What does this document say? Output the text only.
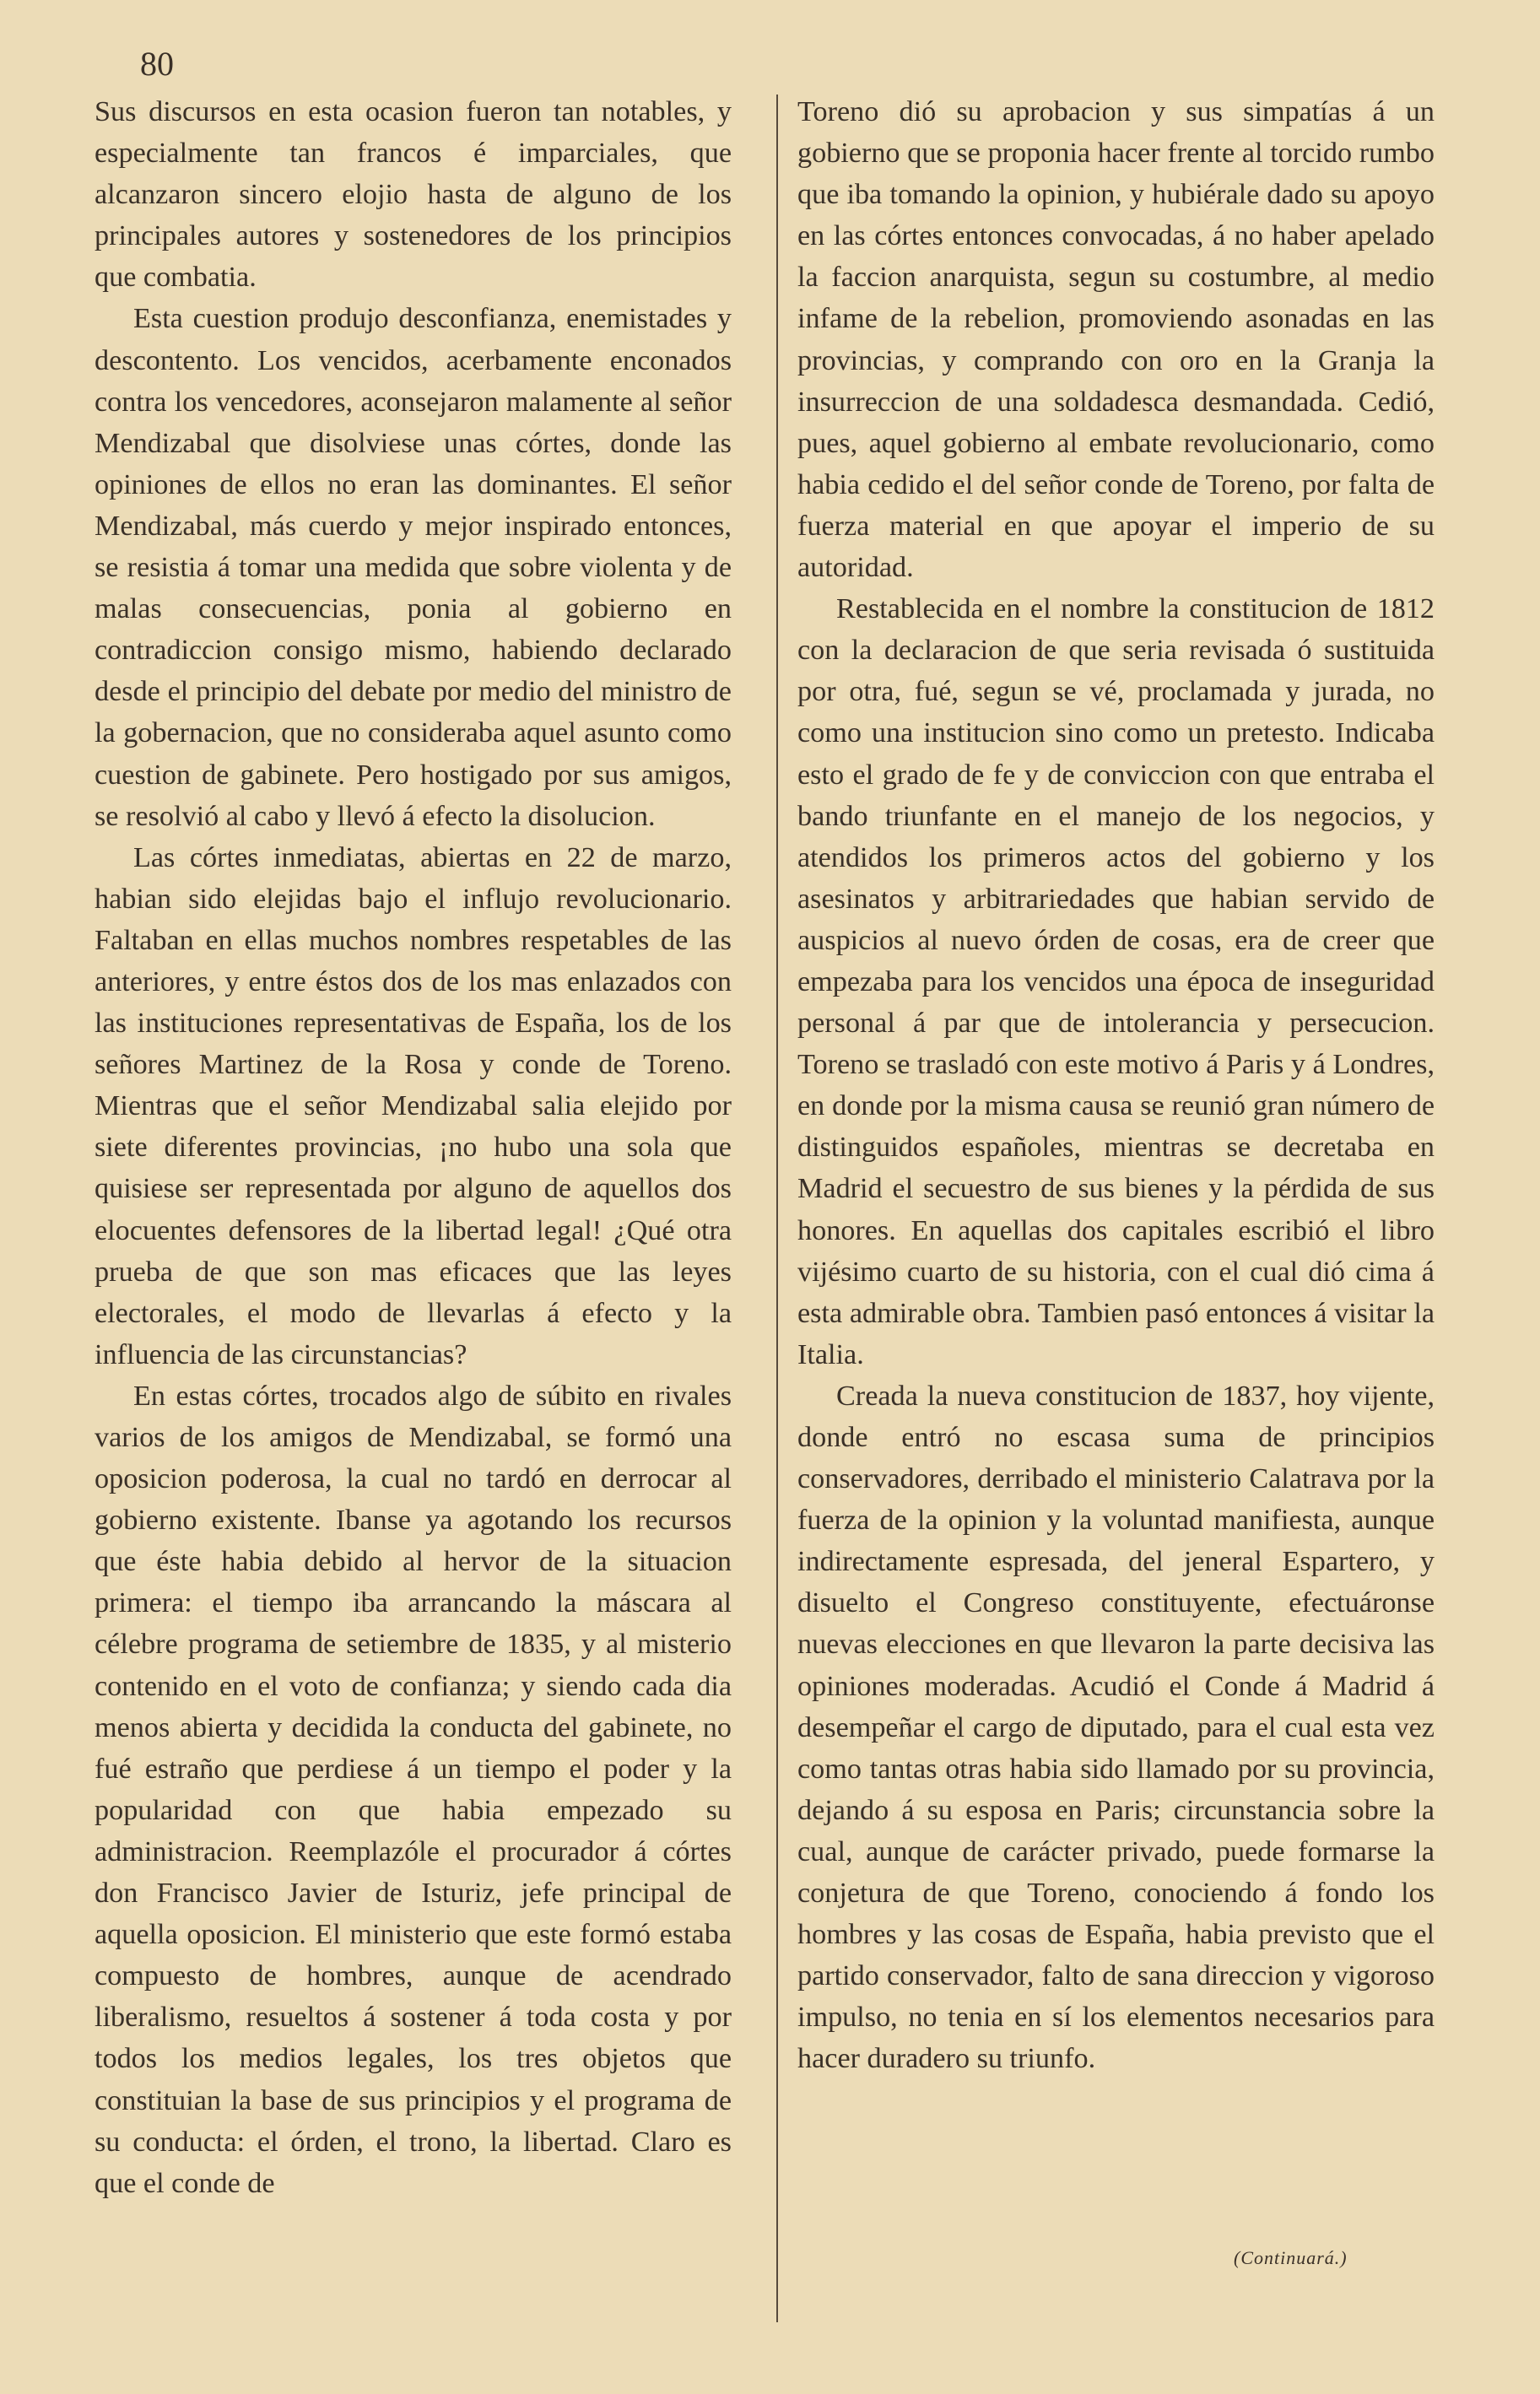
80

Sus discursos en esta ocasion fueron tan notables, y especialmente tan francos é imparciales, que alcanzaron sincero elojio hasta de alguno de los principales autores y sostenedores de los principios que combatia.

Esta cuestion produjo desconfianza, enemistades y descontento. Los vencidos, acerbamente enconados contra los vencedores, aconsejaron malamente al señor Mendizabal que disolviese unas córtes, donde las opiniones de ellos no eran las dominantes. El señor Mendizabal, más cuerdo y mejor inspirado entonces, se resistia á tomar una medida que sobre violenta y de malas consecuencias, ponia al gobierno en contradiccion consigo mismo, habiendo declarado desde el principio del debate por medio del ministro de la gobernacion, que no consideraba aquel asunto como cuestion de gabinete. Pero hostigado por sus amigos, se resolvió al cabo y llevó á efecto la disolucion.

Las córtes inmediatas, abiertas en 22 de marzo, habian sido elejidas bajo el influjo revolucionario. Faltaban en ellas muchos nombres respetables de las anteriores, y entre éstos dos de los mas enlazados con las instituciones representativas de España, los de los señores Martinez de la Rosa y conde de Toreno. Mientras que el señor Mendizabal salia elejido por siete diferentes provincias, ¡no hubo una sola que quisiese ser representada por alguno de aquellos dos elocuentes defensores de la libertad legal! ¿Qué otra prueba de que son mas eficaces que las leyes electorales, el modo de llevarlas á efecto y la influencia de las circunstancias?

En estas córtes, trocados algo de súbito en rivales varios de los amigos de Mendizabal, se formó una oposicion poderosa, la cual no tardó en derrocar al gobierno existente. Ibanse ya agotando los recursos que éste habia debido al hervor de la situacion primera: el tiempo iba arrancando la máscara al célebre programa de setiembre de 1835, y al misterio contenido en el voto de confianza; y siendo cada dia menos abierta y decidida la conducta del gabinete, no fué estraño que perdiese á un tiempo el poder y la popularidad con que habia empezado su administracion. Reemplazóle el procurador á córtes don Francisco Javier de Isturiz, jefe principal de aquella oposicion. El ministerio que este formó estaba compuesto de hombres, aunque de acendrado liberalismo, resueltos á sostener á toda costa y por todos los medios legales, los tres objetos que constituian la base de sus principios y el programa de su conducta: el órden, el trono, la libertad. Claro es que el conde de

Toreno dió su aprobacion y sus simpatías á un gobierno que se proponia hacer frente al torcido rumbo que iba tomando la opinion, y hubiérale dado su apoyo en las córtes entonces convocadas, á no haber apelado la faccion anarquista, segun su costumbre, al medio infame de la rebelion, promoviendo asonadas en las provincias, y comprando con oro en la Granja la insurreccion de una soldadesca desmandada. Cedió, pues, aquel gobierno al embate revolucionario, como habia cedido el del señor conde de Toreno, por falta de fuerza material en que apoyar el imperio de su autoridad.

Restablecida en el nombre la constitucion de 1812 con la declaracion de que seria revisada ó sustituida por otra, fué, segun se vé, proclamada y jurada, no como una institucion sino como un pretesto. Indicaba esto el grado de fe y de conviccion con que entraba el bando triunfante en el manejo de los negocios, y atendidos los primeros actos del gobierno y los asesinatos y arbitrariedades que habian servido de auspicios al nuevo órden de cosas, era de creer que empezaba para los vencidos una época de inseguridad personal á par que de intolerancia y persecucion. Toreno se trasladó con este motivo á Paris y á Londres, en donde por la misma causa se reunió gran número de distinguidos españoles, mientras se decretaba en Madrid el secuestro de sus bienes y la pérdida de sus honores. En aquellas dos capitales escribió el libro vijésimo cuarto de su historia, con el cual dió cima á esta admirable obra. Tambien pasó entonces á visitar la Italia.

Creada la nueva constitucion de 1837, hoy vijente, donde entró no escasa suma de principios conservadores, derribado el ministerio Calatrava por la fuerza de la opinion y la voluntad manifiesta, aunque indirectamente espresada, del jeneral Espartero, y disuelto el Congreso constituyente, efectuáronse nuevas elecciones en que llevaron la parte decisiva las opiniones moderadas. Acudió el Conde á Madrid á desempeñar el cargo de diputado, para el cual esta vez como tantas otras habia sido llamado por su provincia, dejando á su esposa en Paris; circunstancia sobre la cual, aunque de carácter privado, puede formarse la conjetura de que Toreno, conociendo á fondo los hombres y las cosas de España, habia previsto que el partido conservador, falto de sana direccion y vigoroso impulso, no tenia en sí los elementos necesarios para hacer duradero su triunfo.

(Continuará.)
